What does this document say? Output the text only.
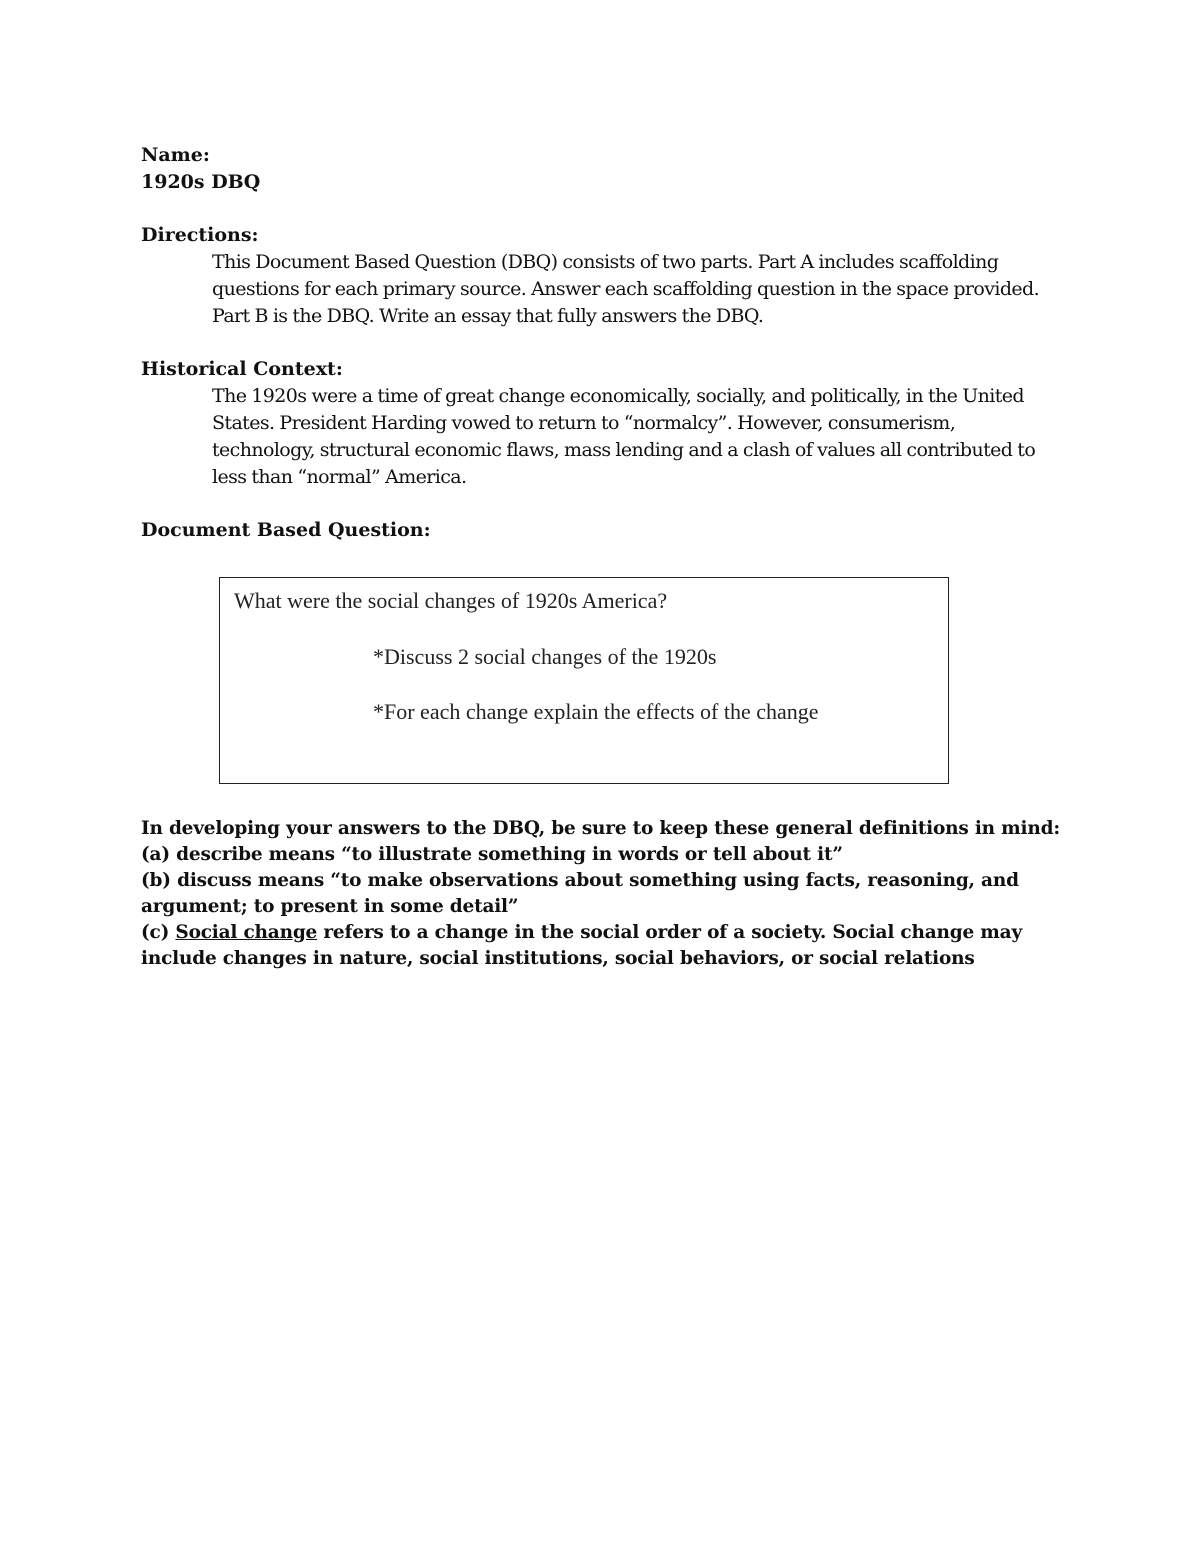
Name:

1920s DBQ

Directions:

This Document Based Question (DBQ) consists of two parts. Part A includes scaffolding questions for each primary source. Answer each scaffolding question in the space provided. Part B is the DBQ. Write an essay that fully answers the DBQ.

Historical Context:

The 1920s were a time of great change economically, socially, and politically, in the United States. President Harding vowed to return to “normalcy”. However, consumerism, technology, structural economic flaws, mass lending and a clash of values all contributed to less than “normal” America.

Document Based Question:

What were the social changes of 1920s America?
*Discuss 2 social changes of the 1920s
*For each change explain the effects of the change

In developing your answers to the DBQ, be sure to keep these general definitions in mind:

(a) describe means “to illustrate something in words or tell about it”

(b) discuss means “to make observations about something using facts, reasoning, and argument; to present in some detail”

(c) Social change refers to a change in the social order of a society. Social change may include changes in nature, social institutions, social behaviors, or social relations
